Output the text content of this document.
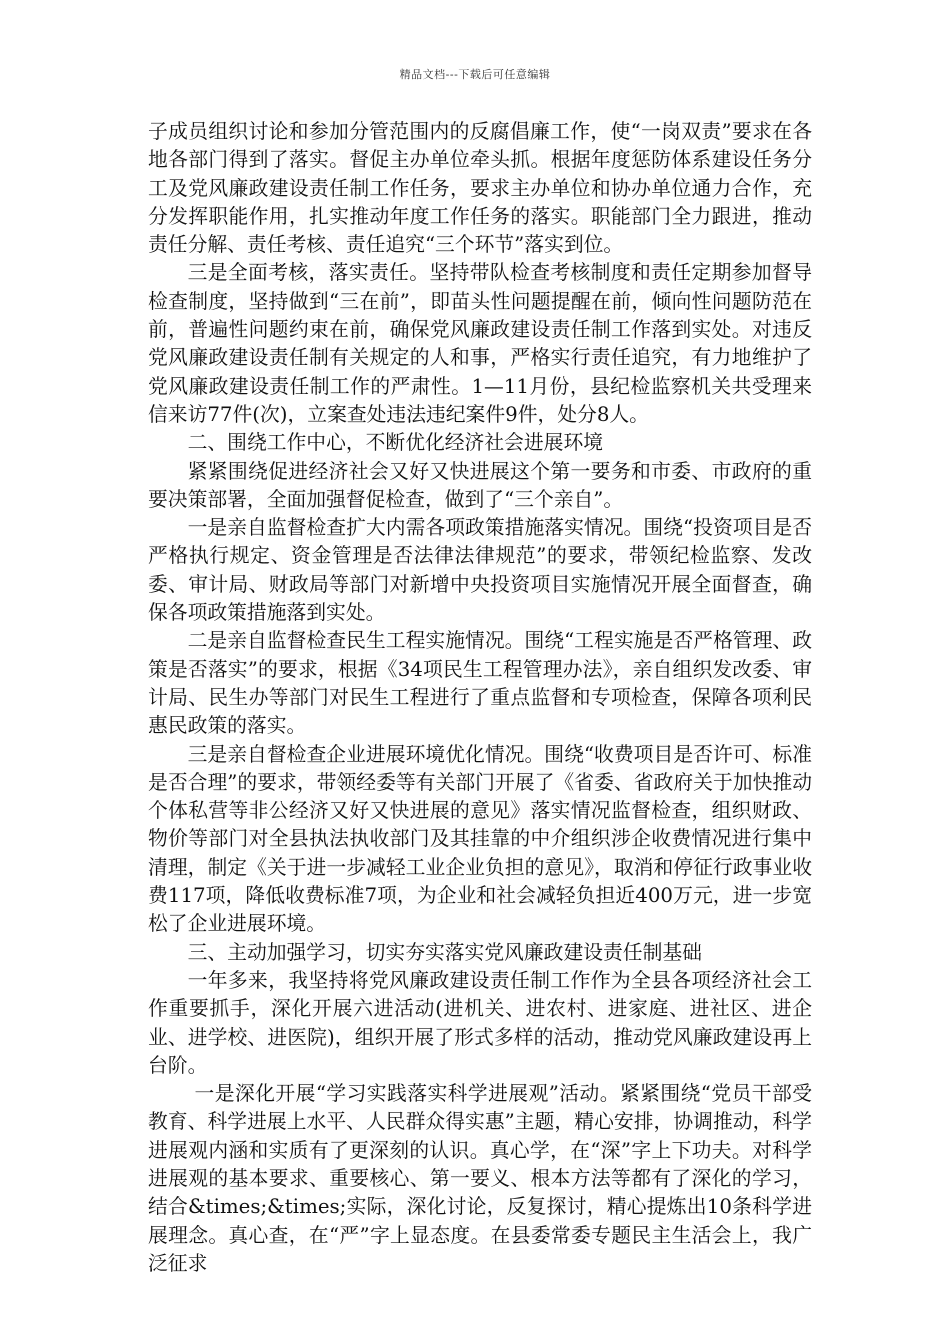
精品文档---下载后可任意编辑

子成员组织讨论和参加分管范围内的反腐倡廉工作，使“一岗双责”要求在各地各部门得到了落实。督促主办单位牵头抓。根据年度惩防体系建设任务分工及党风廉政建设责任制工作任务，要求主办单位和协办单位通力合作，充分发挥职能作用，扎实推动年度工作任务的落实。职能部门全力跟进，推动责任分解、责任考核、责任追究“三个环节”落实到位。

三是全面考核，落实责任。坚持带队检查考核制度和责任定期参加督导检查制度，坚持做到“三在前”，即苗头性问题提醒在前，倾向性问题防范在前，普遍性问题约束在前，确保党风廉政建设责任制工作落到实处。对违反党风廉政建设责任制有关规定的人和事，严格实行责任追究，有力地维护了党风廉政建设责任制工作的严肃性。1—11月份，县纪检监察机关共受理来信来访77件(次)，立案查处违法违纪案件9件，处分8人。

二、围绕工作中心，不断优化经济社会进展环境

紧紧围绕促进经济社会又好又快进展这个第一要务和市委、市政府的重要决策部署，全面加强督促检查，做到了“三个亲自”。

一是亲自监督检查扩大内需各项政策措施落实情况。围绕“投资项目是否严格执行规定、资金管理是否法律法律规范”的要求，带领纪检监察、发改委、审计局、财政局等部门对新增中央投资项目实施情况开展全面督查，确保各项政策措施落到实处。

二是亲自监督检查民生工程实施情况。围绕“工程实施是否严格管理、政策是否落实”的要求，根据《34项民生工程管理办法》，亲自组织发改委、审计局、民生办等部门对民生工程进行了重点监督和专项检查，保障各项利民惠民政策的落实。

三是亲自督检查企业进展环境优化情况。围绕“收费项目是否许可、标准是否合理”的要求，带领经委等有关部门开展了《省委、省政府关于加快推动个体私营等非公经济又好又快进展的意见》落实情况监督检查，组织财政、物价等部门对全县执法执收部门及其挂靠的中介组织涉企收费情况进行集中清理，制定《关于进一步减轻工业企业负担的意见》，取消和停征行政事业收费117项，降低收费标准7项，为企业和社会减轻负担近400万元，进一步宽松了企业进展环境。

三、主动加强学习，切实夯实落实党风廉政建设责任制基础

一年多来，我坚持将党风廉政建设责任制工作作为全县各项经济社会工作重要抓手，深化开展六进活动(进机关、进农村、进家庭、进社区、进企业、进学校、进医院)，组织开展了形式多样的活动，推动党风廉政建设再上台阶。

一是深化开展“学习实践落实科学进展观”活动。紧紧围绕“党员干部受教育、科学进展上水平、人民群众得实惠”主题，精心安排，协调推动，科学进展观内涵和实质有了更深刻的认识。真心学，在“深”字上下功夫。对科学进展观的基本要求、重要核心、第一要义、根本方法等都有了深化的学习，结合&times;&times;实际，深化讨论，反复探讨，精心提炼出10条科学进展理念。真心查，在“严”字上显态度。在县委常委专题民主生活会上，我广泛征求
